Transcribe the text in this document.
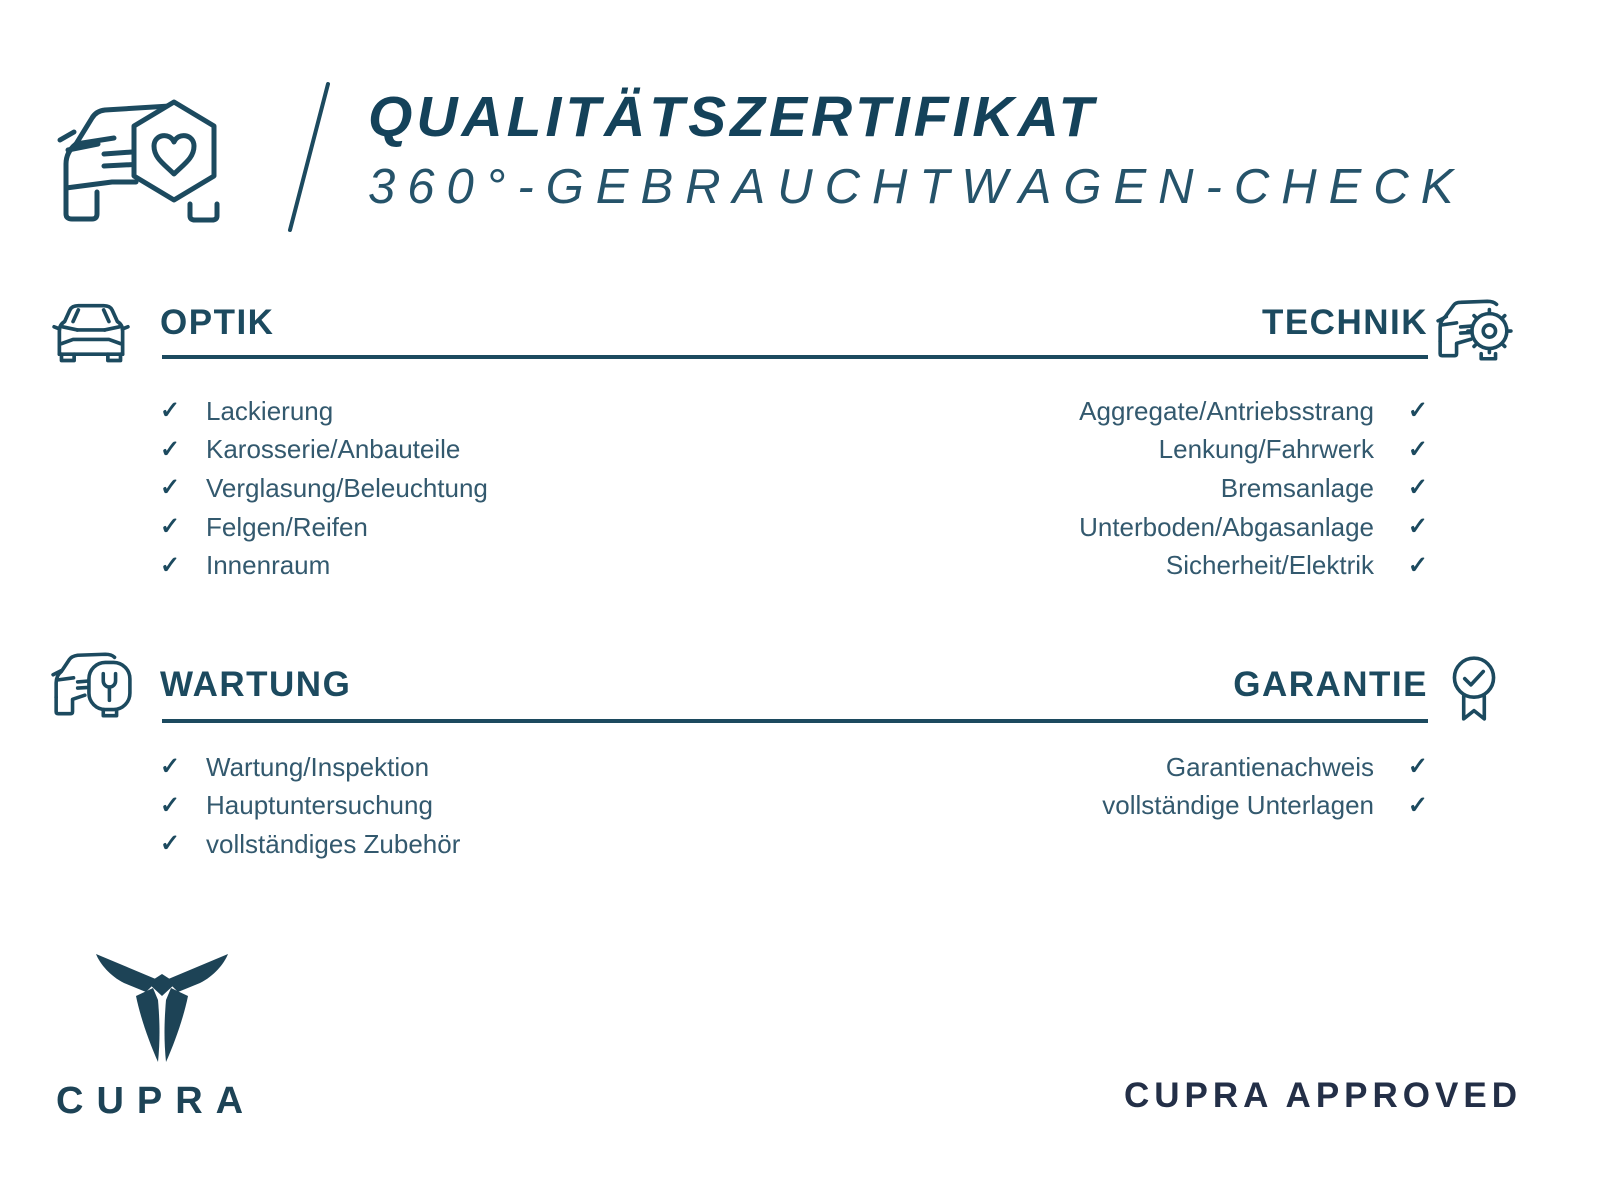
QUALITÄTSZERTIFIKAT
360°-GEBRAUCHTWAGEN-CHECK
OPTIK	TECHNIK
✓ Lackierung
✓ Karosserie/Anbauteile
✓ Verglasung/Beleuchtung
✓ Felgen/Reifen
✓ Innenraum
✓
Aggregate/Antriebsstrang
✓
Lenkung/Fahrwerk
✓
Bremsanlage
✓
Unterboden/Abgasanlage
✓
Sicherheit/Elektrik
WARTUNG	GARANTIE
✓ Wartung/Inspektion
✓ Hauptuntersuchung
✓ vollständiges Zubehör
✓
Garantienachweis
✓
vollständige Unterlagen
CUPRA	CUPRA APPROVED
